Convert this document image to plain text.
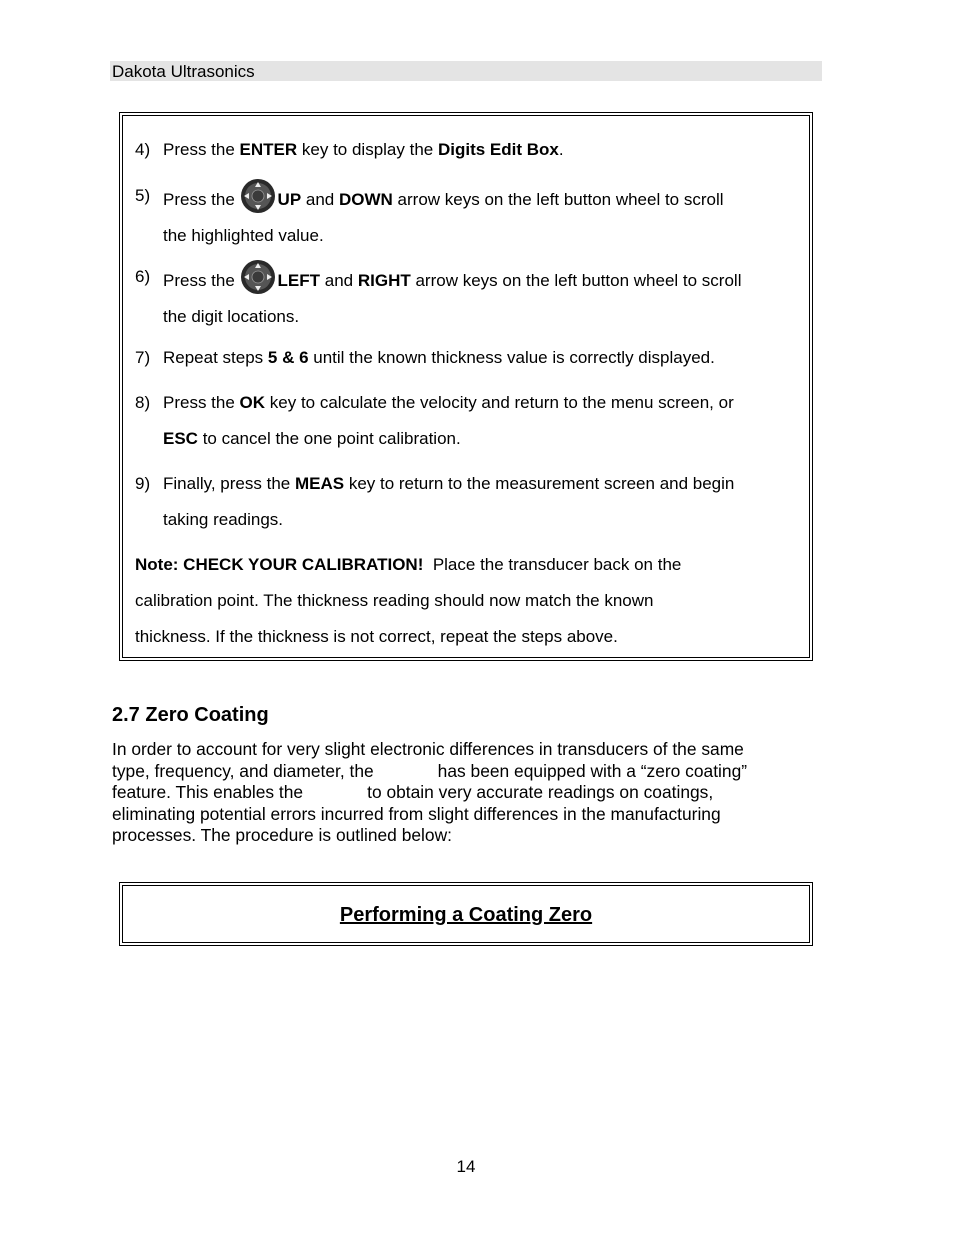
Dakota Ultrasonics
4) Press the ENTER key to display the Digits Edit Box.
5) Press the UP and DOWN arrow keys on the left button wheel to scroll
the highlighted value.
6) Press the LEFT and RIGHT arrow keys on the left button wheel to scroll
the digit locations.
7) Repeat steps 5 & 6 until the known thickness value is correctly displayed.
8) Press the OK key to calculate the velocity and return to the menu screen, or
ESC to cancel the one point calibration.
9) Finally, press the MEAS key to return to the measurement screen and begin
taking readings.
Note: CHECK YOUR CALIBRATION!  Place the transducer back on the
calibration point. The thickness reading should now match the known
thickness. If the thickness is not correct, repeat the steps above.
2.7 Zero Coating
In order to account for very slight electronic differences in transducers of the same
type, frequency, and diameter, the	has been equipped with a “zero coating”
feature. This enables the	to obtain very accurate readings on coatings,
eliminating potential errors incurred from slight differences in the manufacturing
processes. The procedure is outlined below:
Performing a Coating Zero
14
